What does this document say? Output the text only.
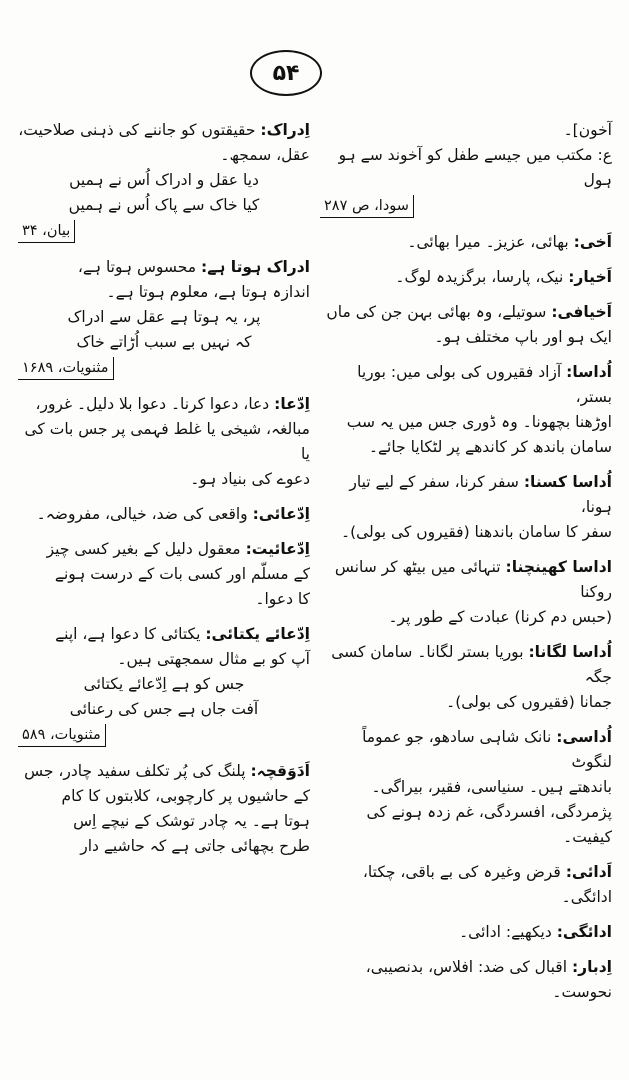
۵۴
آخون]۔
ع: مکتب میں جیسے طفل کو آخوند سے ہو ہول
سودا، ص ۲۸۷
اَخی: بھائی، عزیز۔ میرا بھائی۔
اَخیار: نیک، پارسا، برگزیدہ لوگ۔
اَخیافی: سوتیلے، وہ بھائی بہن جن کی ماں
ایک ہو اور باپ مختلف ہو۔
اُداسا: آزاد فقیروں کی بولی میں: بوریا بستر،
اوڑھنا بچھونا۔ وہ ڈوری جس میں یہ سب
سامان باندھ کر کاندھے پر لٹکایا جائے۔
اُداسا کسنا: سفر کرنا، سفر کے لیے تیار ہونا،
سفر کا سامان باندھنا (فقیروں کی بولی)۔
اداسا کھینچنا: تنہائی میں بیٹھ کر سانس روکنا
(حبس دم کرنا) عبادت کے طور پر۔
اُداسا لگانا: بوریا بستر لگانا۔ سامان کسی جگہ
جمانا (فقیروں کی بولی)۔
اُداسی: نانک شاہی سادھو، جو عموماً لنگوٹ
باندھتے ہیں۔ سنیاسی، فقیر، بیراگی۔
پژمردگی، افسردگی، غم زدہ ہونے کی
کیفیت۔
اَدائی: قرض وغیرہ کی بے باقی، چکتا،
ادائگی۔
ادائگی: دیکھیے: ادائی۔
اِدبار: اقبال کی ضد: افلاس، بدنصیبی،
نحوست۔
اِدراک: حقیقتوں کو جاننے کی ذہنی صلاحیت،
عقل، سمجھ۔

دیا عقل و ادراک اُس نے ہمیں

کیا خاک سے پاک اُس نے ہمیں

بیان، ۳۴
ادراک ہوتا ہے: محسوس ہوتا ہے،
اندازہ ہوتا ہے، معلوم ہوتا ہے۔

پر، یہ ہوتا ہے عقل سے ادراک

کہ نہیں بے سبب اُڑاتے خاک

مثنویات، ۱۶۸۹
اِدّعا: دعا، دعوا کرنا۔ دعوا بلا دلیل۔ غرور،
مبالغہ، شیخی یا غلط فہمی پر جس بات کی یا
دعوے کی بنیاد ہو۔
اِدّعائی: واقعی کی ضد، خیالی، مفروضہ۔
اِدّعائیت: معقول دلیل کے بغیر کسی چیز
کے مسلّم اور کسی بات کے درست ہونے
کا دعوا۔
اِدّعائے یکتائی: یکتائی کا دعوا ہے، اپنے
آپ کو بے مثال سمجھتی ہیں۔

جس کو ہے اِدّعائے یکتائی

آفت جاں ہے جس کی رعنائی

مثنویات، ۵۸۹
اَدَوَقچہ: پلنگ کی پُر تکلف سفید چادر، جس
کے حاشیوں پر کارچوبی، کلابتوں کا کام
ہوتا ہے۔ یہ چادر توشک کے نیچے اِس
طرح بچھائی جاتی ہے کہ حاشیے دار
